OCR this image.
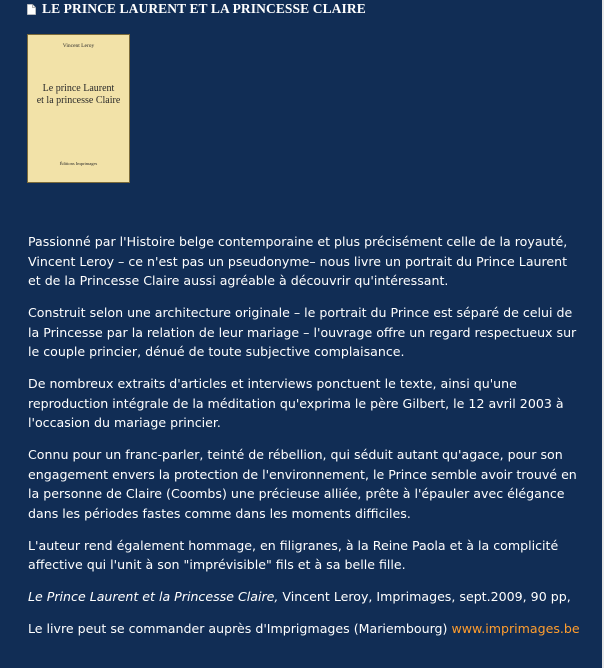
LE PRINCE LAURENT ET LA PRINCESSE CLAIRE
Vincent Leroy
Le prince Laurent
et la princesse Claire
Éditions Imprimages

Passionné par l'Histoire belge contemporaine et plus précisément celle de la royauté,
Vincent Leroy – ce n'est pas un pseudonyme– nous livre un portrait du Prince Laurent
et de la Princesse Claire aussi agréable à découvrir qu'intéressant.

Construit selon une architecture originale – le portrait du Prince est séparé de celui de
la Princesse par la relation de leur mariage – l'ouvrage offre un regard respectueux sur
le couple princier, dénué de toute subjective complaisance.

De nombreux extraits d'articles et interviews ponctuent le texte, ainsi qu'une
reproduction intégrale de la méditation qu'exprima le père Gilbert, le 12 avril 2003 à
l'occasion du mariage princier.

Connu pour un franc-parler, teinté de rébellion, qui séduit autant qu'agace, pour son
engagement envers la protection de l'environnement, le Prince semble avoir trouvé en
la personne de Claire (Coombs) une précieuse alliée, prête à l'épauler avec élégance
dans les périodes fastes comme dans les moments difficiles.

L'auteur rend également hommage, en filigranes, à la Reine Paola et à la complicité
affective qui l'unit à son "imprévisible" fils et à sa belle fille.

Le Prince Laurent et la Princesse Claire, Vincent Leroy, Imprimages, sept.2009, 90 pp,

Le livre peut se commander auprès d'Imprigmages (Mariembourg) www.imprimages.be
